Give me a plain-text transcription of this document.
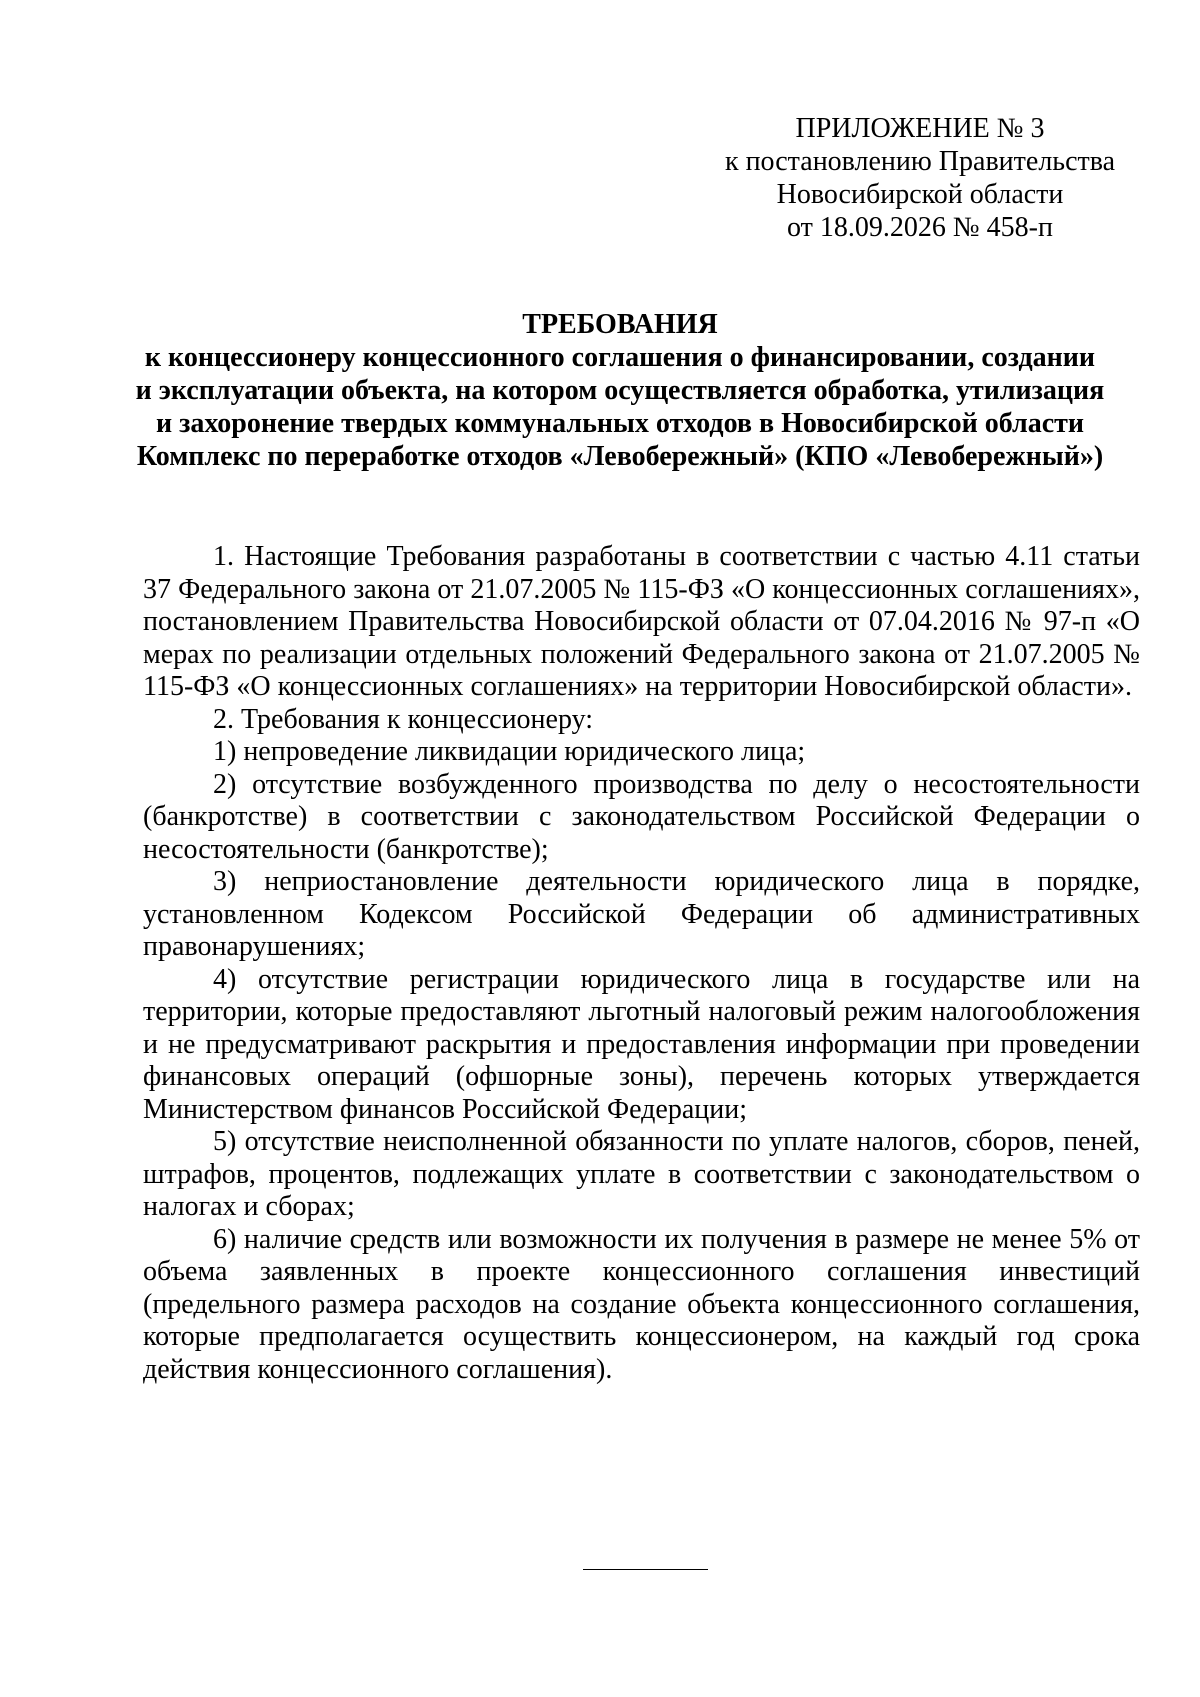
ПРИЛОЖЕНИЕ № 3
к постановлению Правительства
Новосибирской области
от 18.09.2026 № 458-п
ТРЕБОВАНИЯ
к концессионеру концессионного соглашения о финансировании, создании
и эксплуатации объекта, на котором осуществляется обработка, утилизация
и захоронение твердых коммунальных отходов в Новосибирской области
Комплекс по переработке отходов «Левобережный» (КПО «Левобережный»)

1. Настоящие Требования разработаны в соответствии с частью 4.11 статьи 37 Федерального закона от 21.07.2005 № 115-ФЗ «О концессионных соглашениях», постановлением Правительства Новосибирской области от 07.04.2016 № 97-п «О мерах по реализации отдельных положений Федерального закона от 21.07.2005 № 115-ФЗ «О концессионных соглашениях» на территории Новосибирской области».

2. Требования к концессионеру:

1) непроведение ликвидации юридического лица;

2) отсутствие возбужденного производства по делу о несостоятельности (банкротстве) в соответствии с законодательством Российской Федерации о несостоятельности (банкротстве);

3) неприостановление деятельности юридического лица в порядке, установленном Кодексом Российской Федерации об административных правонарушениях;

4) отсутствие регистрации юридического лица в государстве или на территории, которые предоставляют льготный налоговый режим налогообложения и не предусматривают раскрытия и предоставления информации при проведении финансовых операций (офшорные зоны), перечень которых утверждается Министерством финансов Российской Федерации;

5) отсутствие неисполненной обязанности по уплате налогов, сборов, пеней, штрафов, процентов, подлежащих уплате в соответствии с законодательством о налогах и сборах;

6) наличие средств или возможности их получения в размере не менее 5% от объема заявленных в проекте концессионного соглашения инвестиций (предельного размера расходов на создание объекта концессионного соглашения, которые предполагается осуществить концессионером, на каждый год срока действия концессионного соглашения).
